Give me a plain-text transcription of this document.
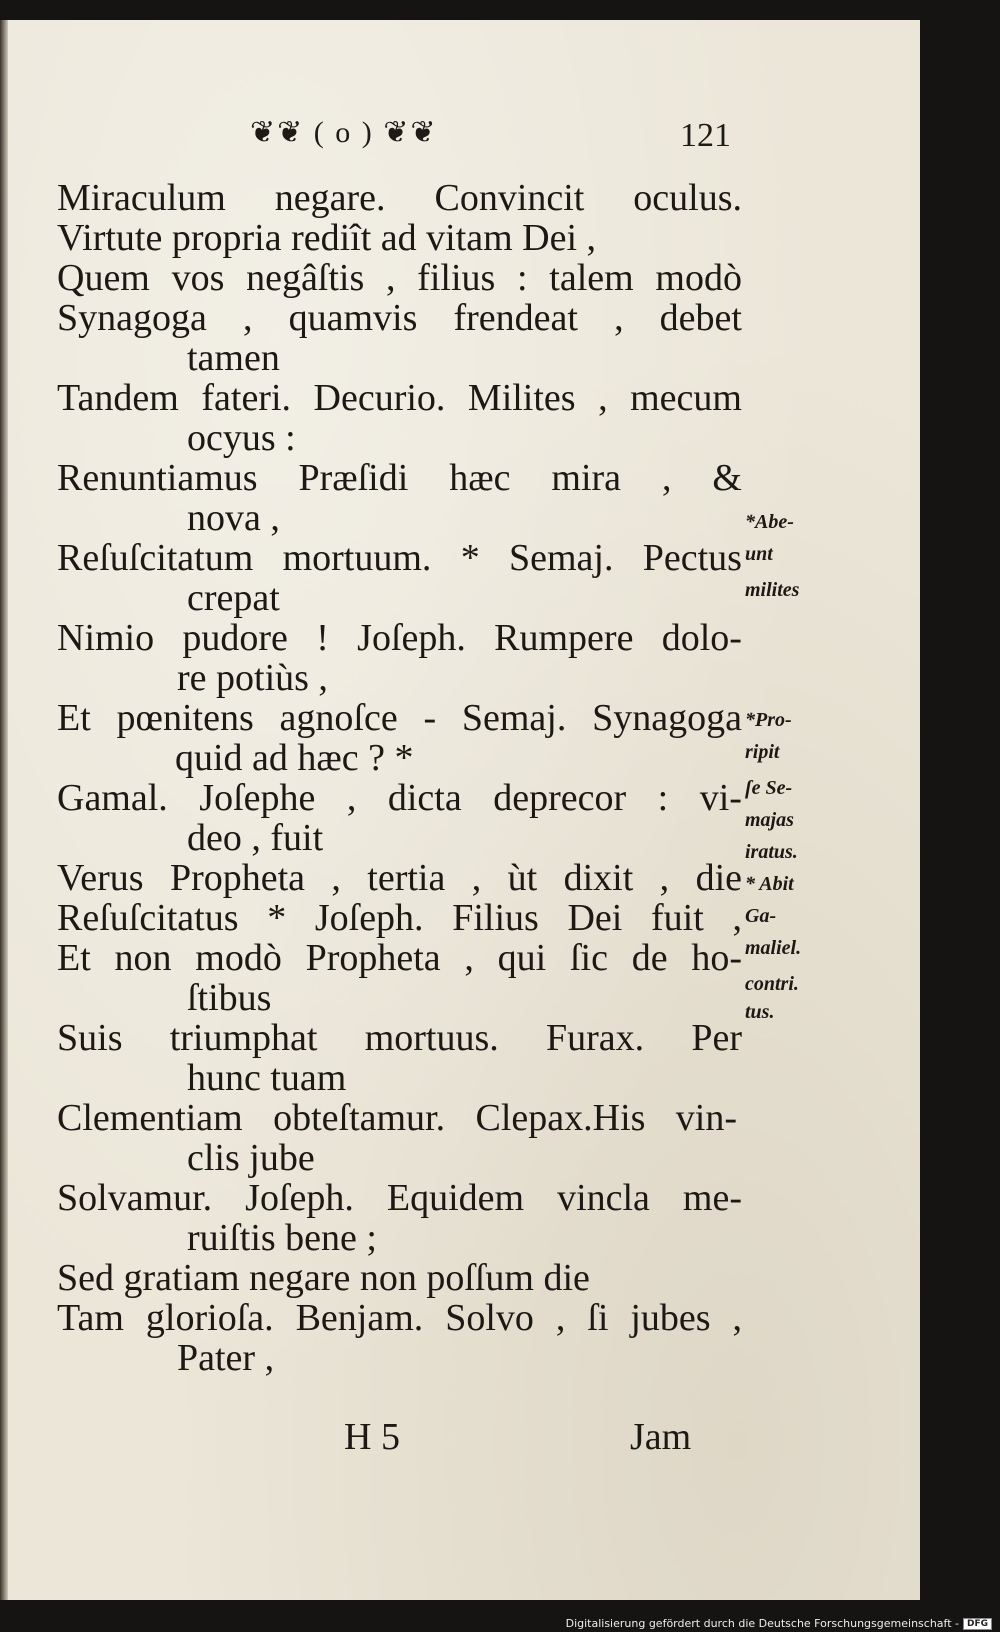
❦❦ ( o ) ❦❦	121
Miraculum negare. Convincit oculus.
Virtute propria rediît ad vitam Dei ,
Quem vos negâſtis , filius : talem modò
Synagoga , quamvis frendeat , debet
tamen
Tandem fateri. Decurio. Milites , mecum
ocyus :
Renuntiamus Præſidi hæc mira , &
nova ,
Reſuſcitatum mortuum. * Semaj. Pectus
crepat
Nimio pudore ! Joſeph. Rumpere dolo-
re potiùs ,
Et pœnitens agnoſce - Semaj. Synagoga
quid ad hæc ? *
Gamal. Joſephe , dicta deprecor : vi-
deo , fuit
Verus Propheta , tertia , ùt dixit , die
Reſuſcitatus * Joſeph. Filius Dei fuit ,
Et non modò Propheta , qui ſic de ho-
ſtibus
Suis triumphat mortuus. Furax. Per
hunc tuam
Clementiam obteſtamur. Clepax.His vin-
clis jube
Solvamur. Joſeph. Equidem vincla me-
ruiſtis bene ;
Sed gratiam negare non poſſum die
Tam glorioſa. Benjam. Solvo , ſi jubes ,
Pater ,
*Abe-
unt
milites
*Pro-
ripit
ſe Se-
majas
iratus.
* Abit
Ga-
maliel.
contri.
tus.
H 5	Jam
Digitalisierung gefördert durch die Deutsche Forschungsgemeinschaft - DFG
